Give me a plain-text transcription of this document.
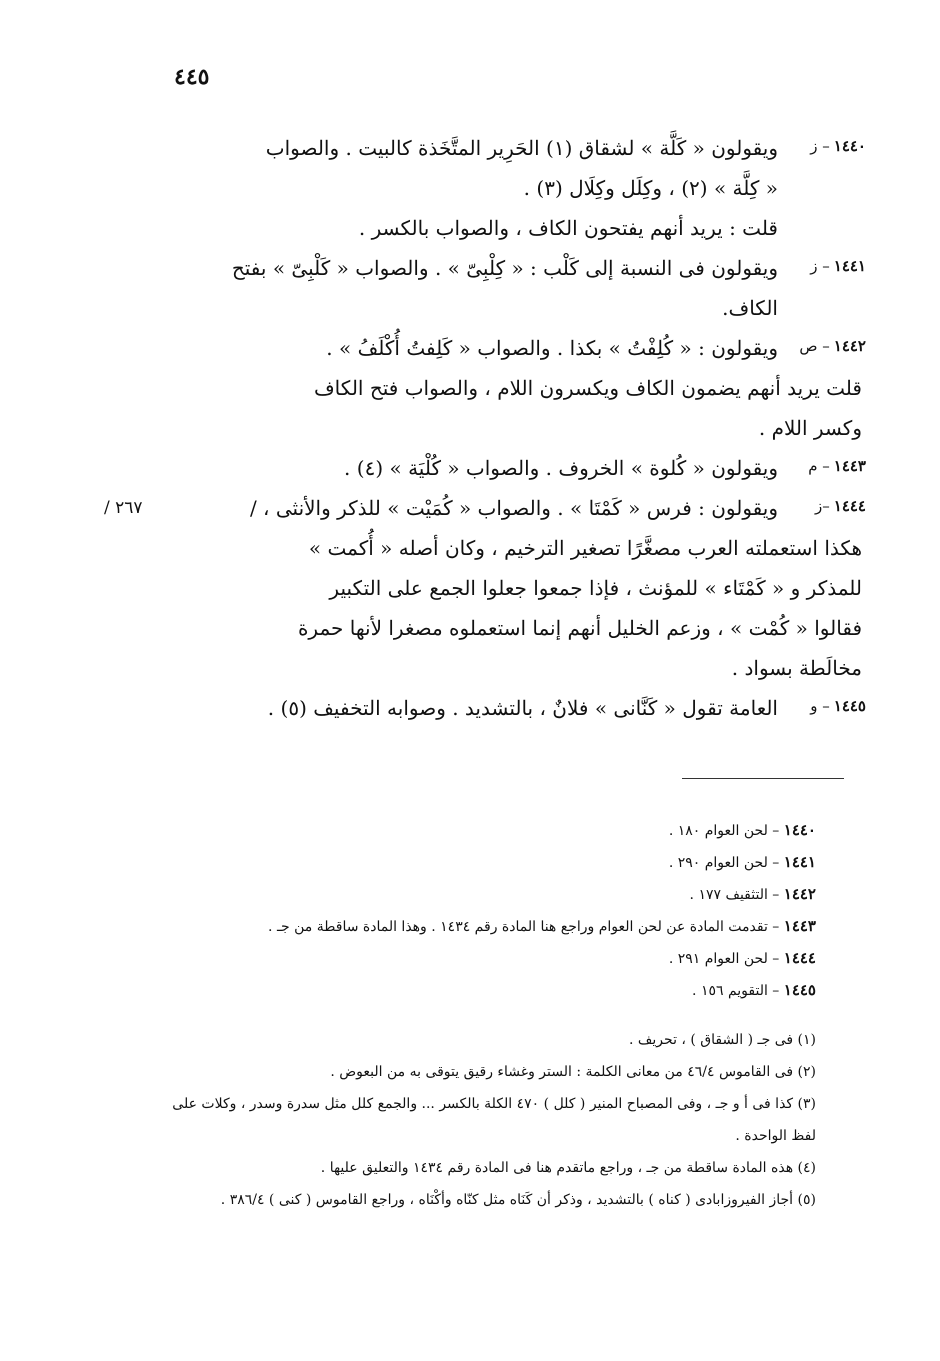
٤٤٥
١٤٤٠– ز
ويقولون « كَلَّة » لشقاق (١) الحَرِير المتَّخَذة كالبيت . والصواب
« كِلَّة » (٢) ، وكِلَل وكِلَال (٣) .
قلت : يريد أنهم يفتحون الكاف ، والصواب بالكسر .
١٤٤١– ز
ويقولون فى النسبة إلى كَلْب : « كِلْبِىّ » . والصواب « كَلْبِىّ » بفتح
الكاف.
١٤٤٢– ص
ويقولون : « كُلِفْتُ » بكذا . والصواب « كَلِفتُ أُكْلَفُ » .
قلت يريد أنهم يضمون الكاف ويكسرون اللام ، والصواب فتح الكاف
وكسر اللام .
١٤٤٣– م
ويقولون « كُلوة » الخروف . والصواب « كُلْيَة » (٤) .
١٤٤٤–ز
٢٦٧ /	ويقولون : فرس « كَمْتَا » . والصواب « كُمَيْت » للذكر والأنثى ، /
هكذا استعملته العرب مصغَّرًا تصغير الترخيم ، وكان أصله « أُكمت »
للمذكر و « كَمْتَاء » للمؤنث ، فإذا جمعوا جعلوا الجمع على التكبير
فقالوا « كُمْت » ، وزعم الخليل أنهم إنما استعملوه مصغرا لأنها حمرة
مخالَطة بسواد .
١٤٤٥– و
العامة تقول « كَنَّانى » فلانٌ ، بالتشديد . وصوابه التخفيف (٥) .
١٤٤٠ – لحن العوام ١٨٠ .
١٤٤١ – لحن العوام ٢٩٠ .
١٤٤٢ – التثقيف ١٧٧ .
١٤٤٣ – تقدمت المادة عن لحن العوام وراجع هنا المادة رقم ١٤٣٤ . وهذا المادة ساقطة من جـ .
١٤٤٤ – لحن العوام ٢٩١ .
١٤٤٥ – التقويم ١٥٦ .
(١) فى جـ ( الشقاق ) ، تحريف .
(٢) فى القاموس ٤٦/٤ من معانى الكلمة : الستر وغشاء رقيق يتوقى به من البعوض .
(٣) كذا فى أ و جـ ، وفى المصباح المنير ( كلل ) ٤٧٠ الكلة بالكسر ... والجمع كلل مثل سدرة وسدر ، وكلات على لفظ الواحدة .
(٤) هذه المادة ساقطة من جـ ، وراجع ماتقدم هنا فى المادة رقم ١٤٣٤ والتعليق عليها .
(٥) أجاز الفيروزابادى ( كناه ) بالتشديد ، وذكر أن كَنَاه مثل كنّاه وأكْنَاه ، وراجع القاموس ( كنى ) ٣٨٦/٤ .
